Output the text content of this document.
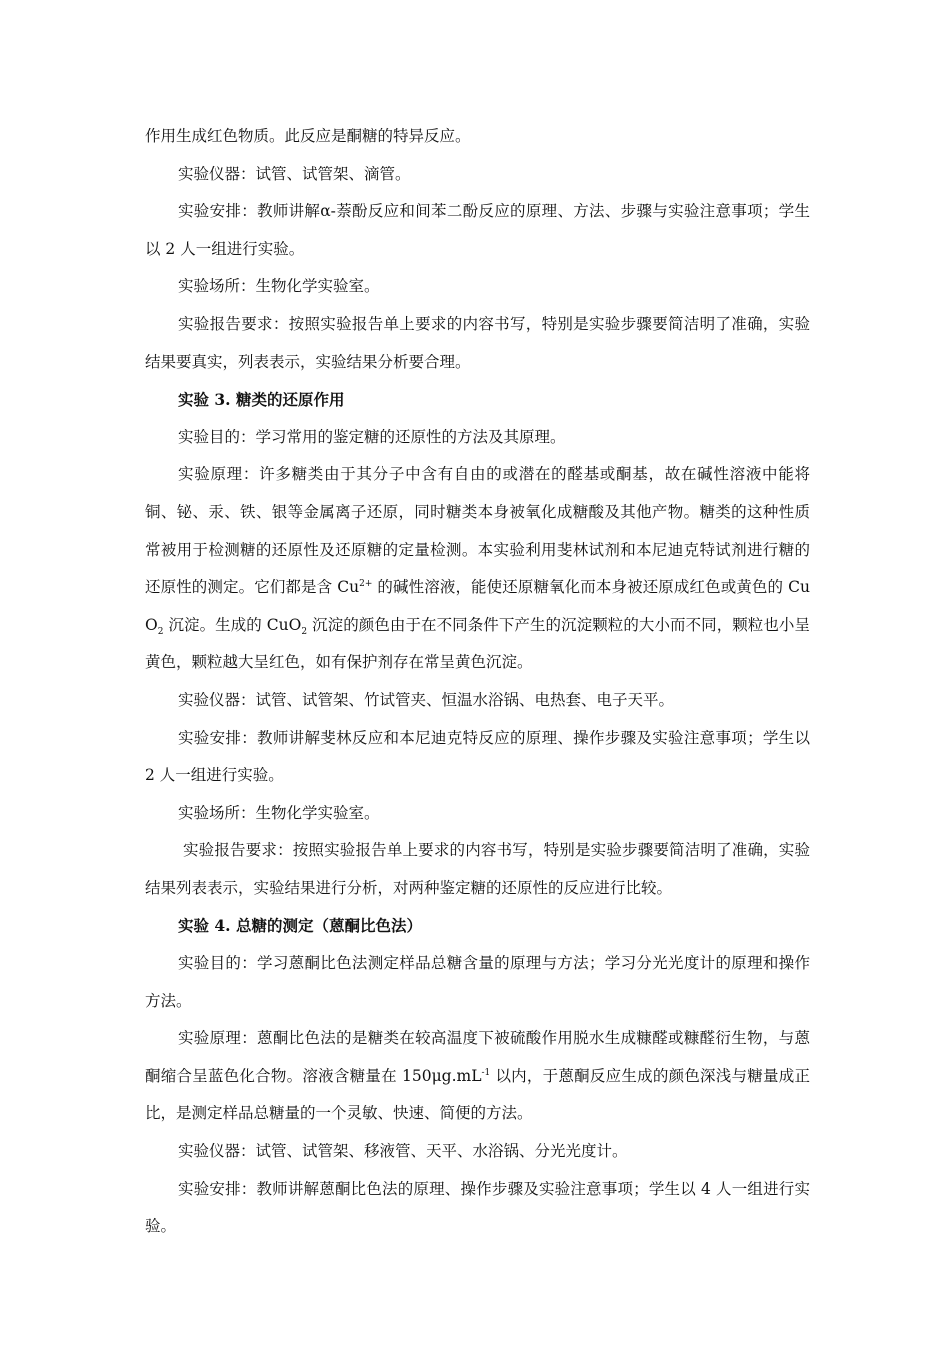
作用生成红色物质。此反应是酮糖的特异反应。

实验仪器：试管、试管架、滴管。

实验安排：教师讲解α-萘酚反应和间苯二酚反应的原理、方法、步骤与实验注意事项；学生以 2 人一组进行实验。

实验场所：生物化学实验室。

实验报告要求：按照实验报告单上要求的内容书写，特别是实验步骤要简洁明了准确，实验结果要真实，列表表示，实验结果分析要合理。

实验 3. 糖类的还原作用

实验目的：学习常用的鉴定糖的还原性的方法及其原理。

实验原理：许多糖类由于其分子中含有自由的或潜在的醛基或酮基，故在碱性溶液中能将铜、铋、汞、铁、银等金属离子还原，同时糖类本身被氧化成糖酸及其他产物。糖类的这种性质常被用于检测糖的还原性及还原糖的定量检测。本实验利用斐林试剂和本尼迪克特试剂进行糖的还原性的测定。它们都是含 $Cu^{2+}$ 的碱性溶液，能使还原糖氧化而本身被还原成红色或黄色的 CuO$_2$ 沉淀。生成的 CuO$_2$ 沉淀的颜色由于在不同条件下产生的沉淀颗粒的大小而不同，颗粒也小呈黄色，颗粒越大呈红色，如有保护剂存在常呈黄色沉淀。

实验仪器：试管、试管架、竹试管夹、恒温水浴锅、电热套、电子天平。

实验安排：教师讲解斐林反应和本尼迪克特反应的原理、操作步骤及实验注意事项；学生以 2 人一组进行实验。

实验场所：生物化学实验室。

实验报告要求：按照实验报告单上要求的内容书写，特别是实验步骤要简洁明了准确，实验结果列表表示，实验结果进行分析，对两种鉴定糖的还原性的反应进行比较。

实验 4. 总糖的测定（蒽酮比色法）

实验目的：学习蒽酮比色法测定样品总糖含量的原理与方法；学习分光光度计的原理和操作方法。

实验原理：蒽酮比色法的是糖类在较高温度下被硫酸作用脱水生成糠醛或糠醛衍生物，与蒽酮缩合呈蓝色化合物。溶液含糖量在 $150\mu g.mL^{-1}$ 以内，于蒽酮反应生成的颜色深浅与糖量成正比，是测定样品总糖量的一个灵敏、快速、简便的方法。

实验仪器：试管、试管架、移液管、天平、水浴锅、分光光度计。

实验安排：教师讲解蒽酮比色法的原理、操作步骤及实验注意事项；学生以 4 人一组进行实验。
